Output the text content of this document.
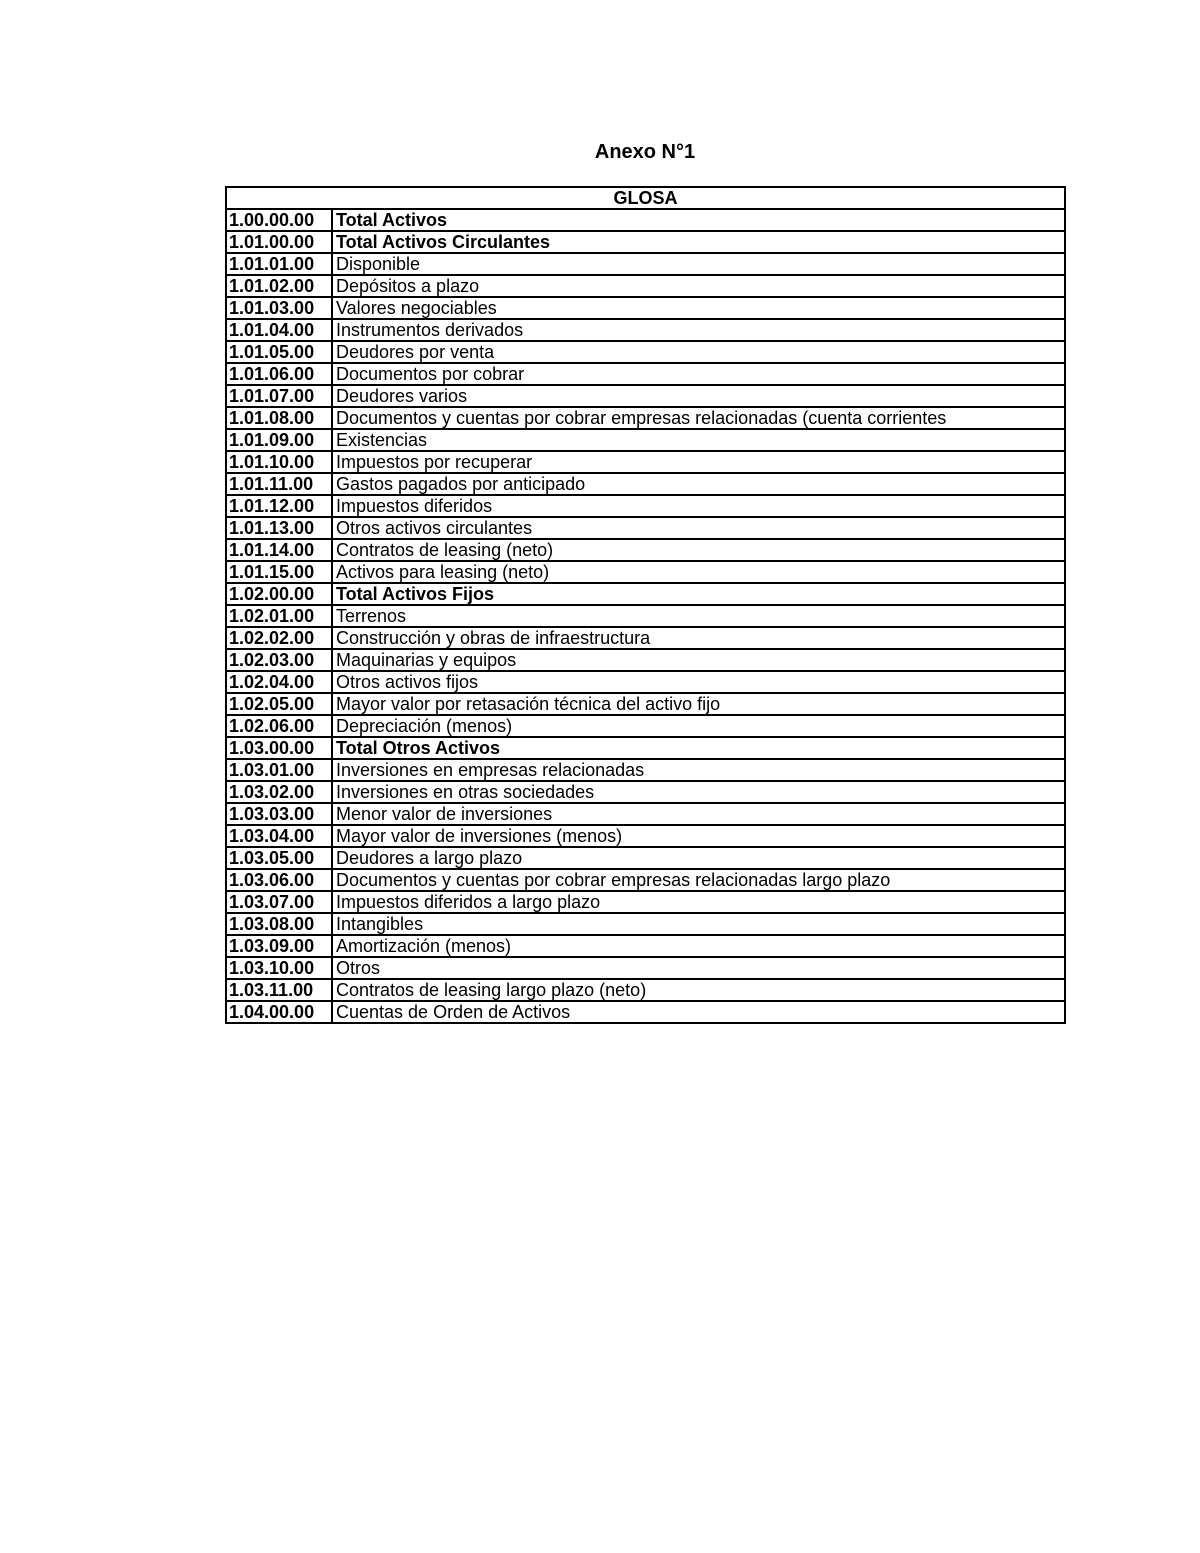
Anexo N°1
GLOSA	
1.00.00.00	Total Activos
1.01.00.00	Total Activos Circulantes
1.01.01.00	Disponible
1.01.02.00	Depósitos a plazo
1.01.03.00	Valores negociables
1.01.04.00	Instrumentos derivados
1.01.05.00	Deudores por venta
1.01.06.00	Documentos por cobrar
1.01.07.00	Deudores varios
1.01.08.00	Documentos y cuentas por cobrar empresas relacionadas (cuenta corrientes
1.01.09.00	Existencias
1.01.10.00	Impuestos por recuperar
1.01.11.00	Gastos pagados por anticipado
1.01.12.00	Impuestos diferidos
1.01.13.00	Otros activos circulantes
1.01.14.00	Contratos de leasing (neto)
1.01.15.00	Activos para leasing (neto)
1.02.00.00	Total Activos Fijos
1.02.01.00	Terrenos
1.02.02.00	Construcción y obras de infraestructura
1.02.03.00	Maquinarias y equipos
1.02.04.00	Otros activos fijos
1.02.05.00	Mayor valor por retasación técnica del activo fijo
1.02.06.00	Depreciación (menos)
1.03.00.00	Total Otros Activos
1.03.01.00	Inversiones en empresas relacionadas
1.03.02.00	Inversiones en otras sociedades
1.03.03.00	Menor valor de inversiones
1.03.04.00	Mayor valor de inversiones (menos)
1.03.05.00	Deudores a largo plazo
1.03.06.00	Documentos y cuentas por cobrar empresas relacionadas largo plazo
1.03.07.00	Impuestos diferidos a largo plazo
1.03.08.00	Intangibles
1.03.09.00	Amortización (menos)
1.03.10.00	Otros
1.03.11.00	Contratos de leasing largo plazo (neto)
1.04.00.00	Cuentas de Orden de Activos
